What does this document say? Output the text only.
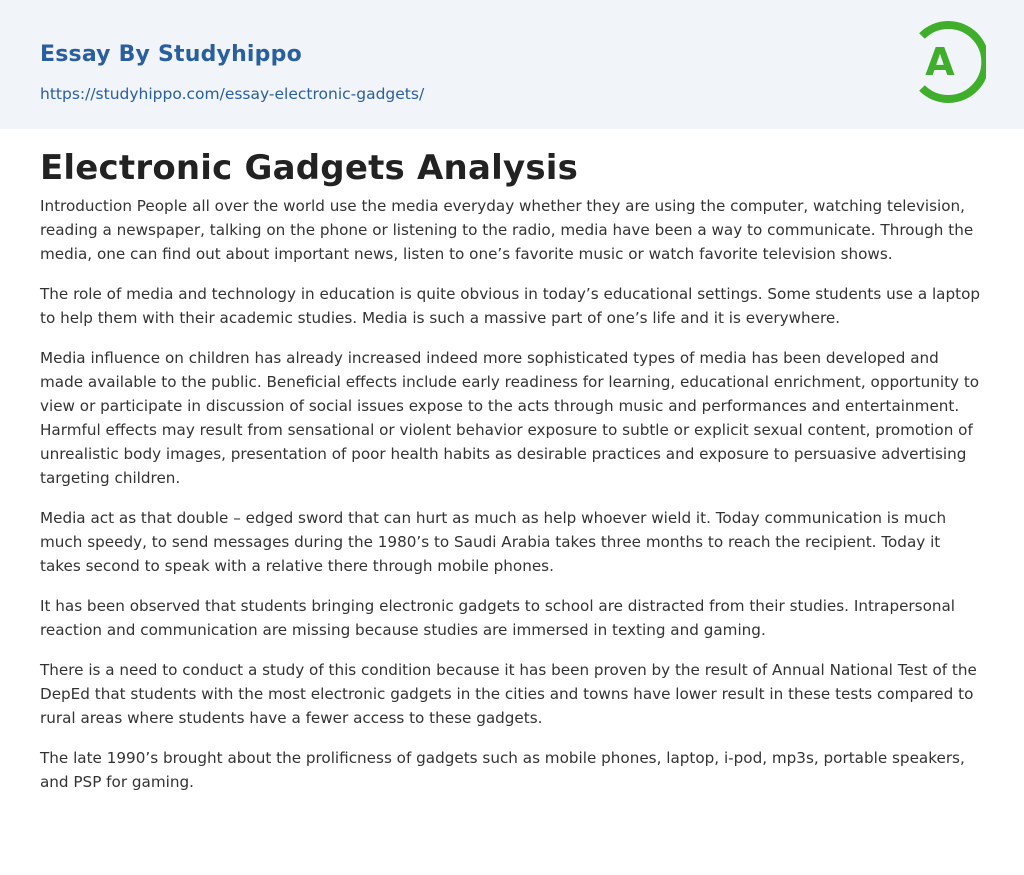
Essay By Studyhippo
https://studyhippo.com/essay-electronic-gadgets/
A
Electronic Gadgets Analysis

Introduction People all over the world use the media everyday whether they are using the computer, watching television, reading a newspaper, talking on the phone or listening to the radio, media have been a way to communicate. Through the media, one can find out about important news, listen to one’s favorite music or watch favorite television shows.

The role of media and technology in education is quite obvious in today’s educational settings. Some students use a laptop to help them with their academic studies. Media is such a massive part of one’s life and it is everywhere.

Media influence on children has already increased indeed more sophisticated types of media has been developed and made available to the public. Beneficial effects include early readiness for learning, educational enrichment, opportunity to view or participate in discussion of social issues expose to the acts through music and performances and entertainment. Harmful effects may result from sensational or violent behavior exposure to subtle or explicit sexual content, promotion of unrealistic body images, presentation of poor health habits as desirable practices and exposure to persuasive advertising targeting children.

Media act as that double – edged sword that can hurt as much as help whoever wield it. Today communication is much much speedy, to send messages during the 1980’s to Saudi Arabia takes three months to reach the recipient. Today it takes second to speak with a relative there through mobile phones.

It has been observed that students bringing electronic gadgets to school are distracted from their studies. Intrapersonal reaction and communication are missing because studies are immersed in texting and gaming.

There is a need to conduct a study of this condition because it has been proven by the result of Annual National Test of the DepEd that students with the most electronic gadgets in the cities and towns have lower result in these tests compared to rural areas where students have a fewer access to these gadgets.

The late 1990’s brought about the prolificness of gadgets such as mobile phones, laptop, i-pod, mp3s, portable speakers, and PSP for gaming.
